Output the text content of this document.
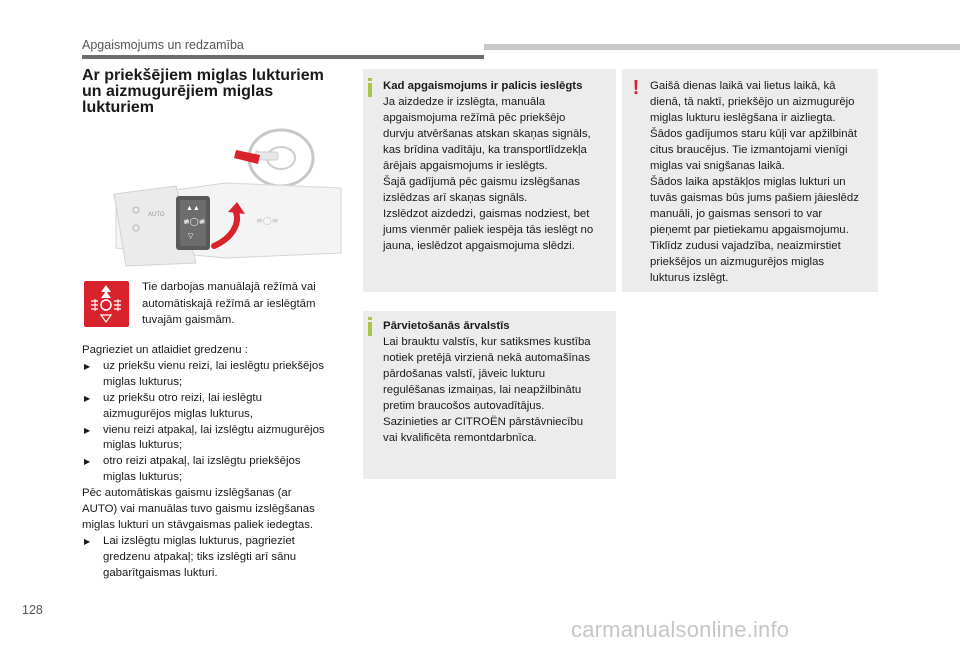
Apgaismojums un redzamība
Ar priekšējiem miglas lukturiem
un aizmugurējiem miglas
lukturiem
AUTO
▲▲
≢◯≢
▽
≡◯≡
Tie darbojas manuālajā režīmā vai
automātiskajā režīmā ar ieslēgtām
tuvajām gaismām.
Pagrieziet un atlaidiet gredzenu :
▶	uz priekšu vienu reizi, lai ieslēgtu priekšējos
miglas lukturus;
▶	uz priekšu otro reizi, lai ieslēgtu
aizmugurējos miglas lukturus,
▶	vienu reizi atpakaļ, lai izslēgtu aizmugurējos
miglas lukturus;
▶	otro reizi atpakaļ, lai izslēgtu priekšējos
miglas lukturus;
Pēc automātiskas gaismu izslēgšanas (ar
AUTO) vai manuālas tuvo gaismu izslēgšanas
miglas lukturi un stāvgaismas paliek iedegtas.
▶	Lai izslēgtu miglas lukturus, pagrieziet
gredzenu atpakaļ; tiks izslēgti arī sānu
gabarītgaismas lukturi.
Kad apgaismojums ir palicis ieslēgts
Ja aizdedze ir izslēgta, manuāla
apgaismojuma režīmā pēc priekšējo
durvju atvēršanas atskan skaņas signāls,
kas brīdina vadītāju, ka transportlīdzekļa
ārējais apgaismojums ir ieslēgts.
Šajā gadījumā pēc gaismu izslēgšanas
izslēdzas arī skaņas signāls.
Izslēdzot aizdedzi, gaismas nodziest, bet
jums vienmēr paliek iespēja tās ieslēgt no
jauna, ieslēdzot apgaismojuma slēdzi.
Pārvietošanās ārvalstīs
Lai brauktu valstīs, kur satiksmes kustība
notiek pretējā virzienā nekā automašīnas
pārdošanas valstī, jāveic lukturu
regulēšanas izmaiņas, lai neapžilbinātu
pretim braucošos autovadītājus.
Sazinieties ar CITROËN pārstāvniecību
vai kvalificēta remontdarbnīca.
! Gaišā dienas laikā vai lietus laikā, kā
dienā, tā naktī, priekšējo un aizmugurējo
miglas lukturu ieslēgšana ir aizliegta.
Šādos gadījumos staru kūļi var apžilbināt
citus braucējus. Tie izmantojami vienīgi
miglas vai snigšanas laikā.
Šādos laika apstākļos miglas lukturi un
tuvās gaismas būs jums pašiem jāieslēdz
manuāli, jo gaismas sensori to var
pieņemt par pietiekamu apgaismojumu.
Tiklīdz zudusi vajadzība, neaizmirstiet
priekšējos un aizmugurējos miglas
lukturus izslēgt.
128
carmanualsonline.info
